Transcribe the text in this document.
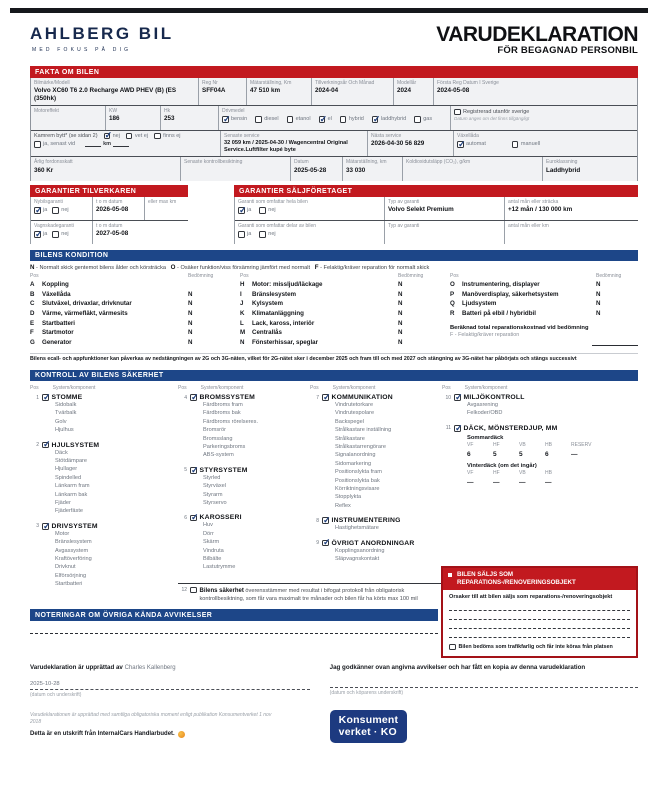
AHLBERG BIL
MED FOKUS PÅ DIG
VARUDEKLARATION
FÖR BEGAGNAD PERSONBIL
FAKTA OM BILEN
Bilmärke/Modell
Volvo XC60 T6 2.0 Recharge AWD PHEV (B) (ES (350hk)
Reg Nr
SFF04A
Mätarställning, Km
47 510 km
Tillverkningsår Och Månad
2024-04
Modellår
2024
Första Reg Datum I Sverige
2024-05-08
Motoreffekt	KW
186
Hk
253
Drivmedel
✓
bensin	diesel	etanol ✓	el	hybrid ✓	laddhybrid	gas
Registrerad utanför sverige
Datum anges om det finns tillgängligt
Kamrem bytt* (se sidan 2) ✓	nej	vet ej	finns ej
ja, senast vid	km
Senaste service
32 059 km / 2025-04-30 / Wagencentral Original Service.Luftfilter kupé byte
Nästa service
2026-04-30 56 829
Växellåda
✓
automat	manuell
Årlig fordonsskatt
360 Kr
Senaste kontrollbesiktning	Datum
2025-05-28
Mätarställning, km
33 030
Koldioxidutsläpp (CO₂), g/km	Euroklassning
Laddhybrid
GARANTIER TILVERKAREN
Nybilsgaranti
✓
ja	nej
t o m datum
2026-05-08
eller max km
Vagnskadegaranti
✓
ja	nej
t o m datum
2027-05-08
GARANTIER SÄLJFÖRETAGET
Garanti som omfattar hela bilen
✓
ja	nej
Typ av garanti
Volvo Selekt Premium
antal mån eller sträcka
+12 mån / 130 000 km
Garanti som omfattar delar av bilen
ja	nej
Typ av garanti	antal mån eller km
BILENS KONDITION
N - Normalt skick gentemot bilens ålder och körsträcka O - Osäker funktion/viss försämring jämfört med normalt F - Felaktig/kräver reparation för normalt skick
Pos	Bedömning
A	Koppling
B	Växellåda	N
C	Slutväxel, drivaxlar, drivknutar	N
D	Värme, värmefläkt, värmesits	N
E	Startbatteri	N
F	Startmotor	N
G	Generator	N
Pos	Bedömning
H	Motor: missljud/läckage	N
I	Bränslesystem	N
J	Kylsystem	N
K	Klimatanläggning	N
L	Lack, kaross, interiör	N
M	Centrallås	N
N	Fönsterhissar, speglar	N
Pos	Bedömning
O	Instrumentering, displayer	N
P	Manöverdisplay, säkerhetsystem	N
Q	Ljudsystem	N
R	Batteri på elbil / hybridbil	N
Beräknad total reparationskostnad vid bedömning
F - Felaktig/kräver reparation
Bilens ecall- och appfunktioner kan påverkas av nedstängningen av 2G och 3G-näten, vilket för 2G-nätet sker i december 2025 och fram till och med 2027 och stängning av 3G-nätet har påbörjats och stängs successivt
KONTROLL AV BILENS SÄKERHET
Pos	System/komponent
1 ✓ STOMME
Sidobalk
Tvärbalk
Golv
Hjulhus
2 ✓ HJULSYSTEM
Däck
Stötdämpare
Hjullager
Spindelled
Länkarm fram
Länkarm bak
Fjäder
Fjäderfäste
3 ✓ DRIVSYSTEM
Motor
Bränslesystem
Avgassystem
Kraftöverföring
Drivknut
Elförsörjning
Startbatteri
Pos	System/komponent
4 ✓ BROMSSYSTEM
Färdbroms fram
Färdbroms bak
Färdbroms rörelseres.
Bromsrör
Bromsslang
Parkeringsbroms
ABS-system
5 ✓ STYRSYSTEM
Styrled
Styrväxel
Styrarm
Styrservo
6 ✓ KAROSSERI
Huv
Dörr
Skärm
Vindruta
Bilbälte
Lastutrymme
Pos	System/komponent
7 ✓ KOMMUNIKATION
Vindrutetorkare
Vindrutespolare
Backspegel
Strålkastare inställning
Strålkastare
Strålkastarrengörare
Signalanordning
Sidomarkering
Positionslykta fram
Positionslykta bak
Körriktningsvisare
Stopplykta
Reflex
8 ✓ INSTRUMENTERING
Hastighetsmätare
9 ✓ ÖVRIGT ANORDNINGAR
Kopplingsanordning
Släpvagnskontakt
12 Bilens säkerhet överensstämmer med resultat i bifogat protokoll från obligatorisk kontrollbesiktning, som får vara maximalt tre månader och bilen får ha körts max 100 mil
Pos	System/komponent
10 ✓ MILJÖKONTROLL
Avgasrening
Felkoder/OBD
11 ✓ DÄCK, MÖNSTERDJUP, MM
Sommardäck
VF
6
HF
5
VB
5
HB
6
RESERV
—
Vinterdäck (om det ingår)
VF
—
HF
—
VB
—
HB
—
NOTERINGAR OM ÖVRIGA KÄNDA AVVIKELSER
BILEN SÄLJS SOM REPARATIONS-/RENOVERINGSOBJEKT
Orsaker till att bilen säljs som reparations-/renoveringsobjekt
Bilen bedöms som trafikfarlig och får inte köras från platsen
Varudeklaration är upprättad av Charles Kallenberg
2025-10-28
(datum och underskrift)
Varudeklarationen är upprättad med samtliga obligatoriska moment enligt publikation Konsumentverket 1 nov 2018
Detta är en utskrift från InternalCars Handlarbudet.
Jag godkänner ovan angivna avvikelser och har fått en kopia av denna varudeklaration
(datum och köparens underskrift)
Konsument
verket · KO
